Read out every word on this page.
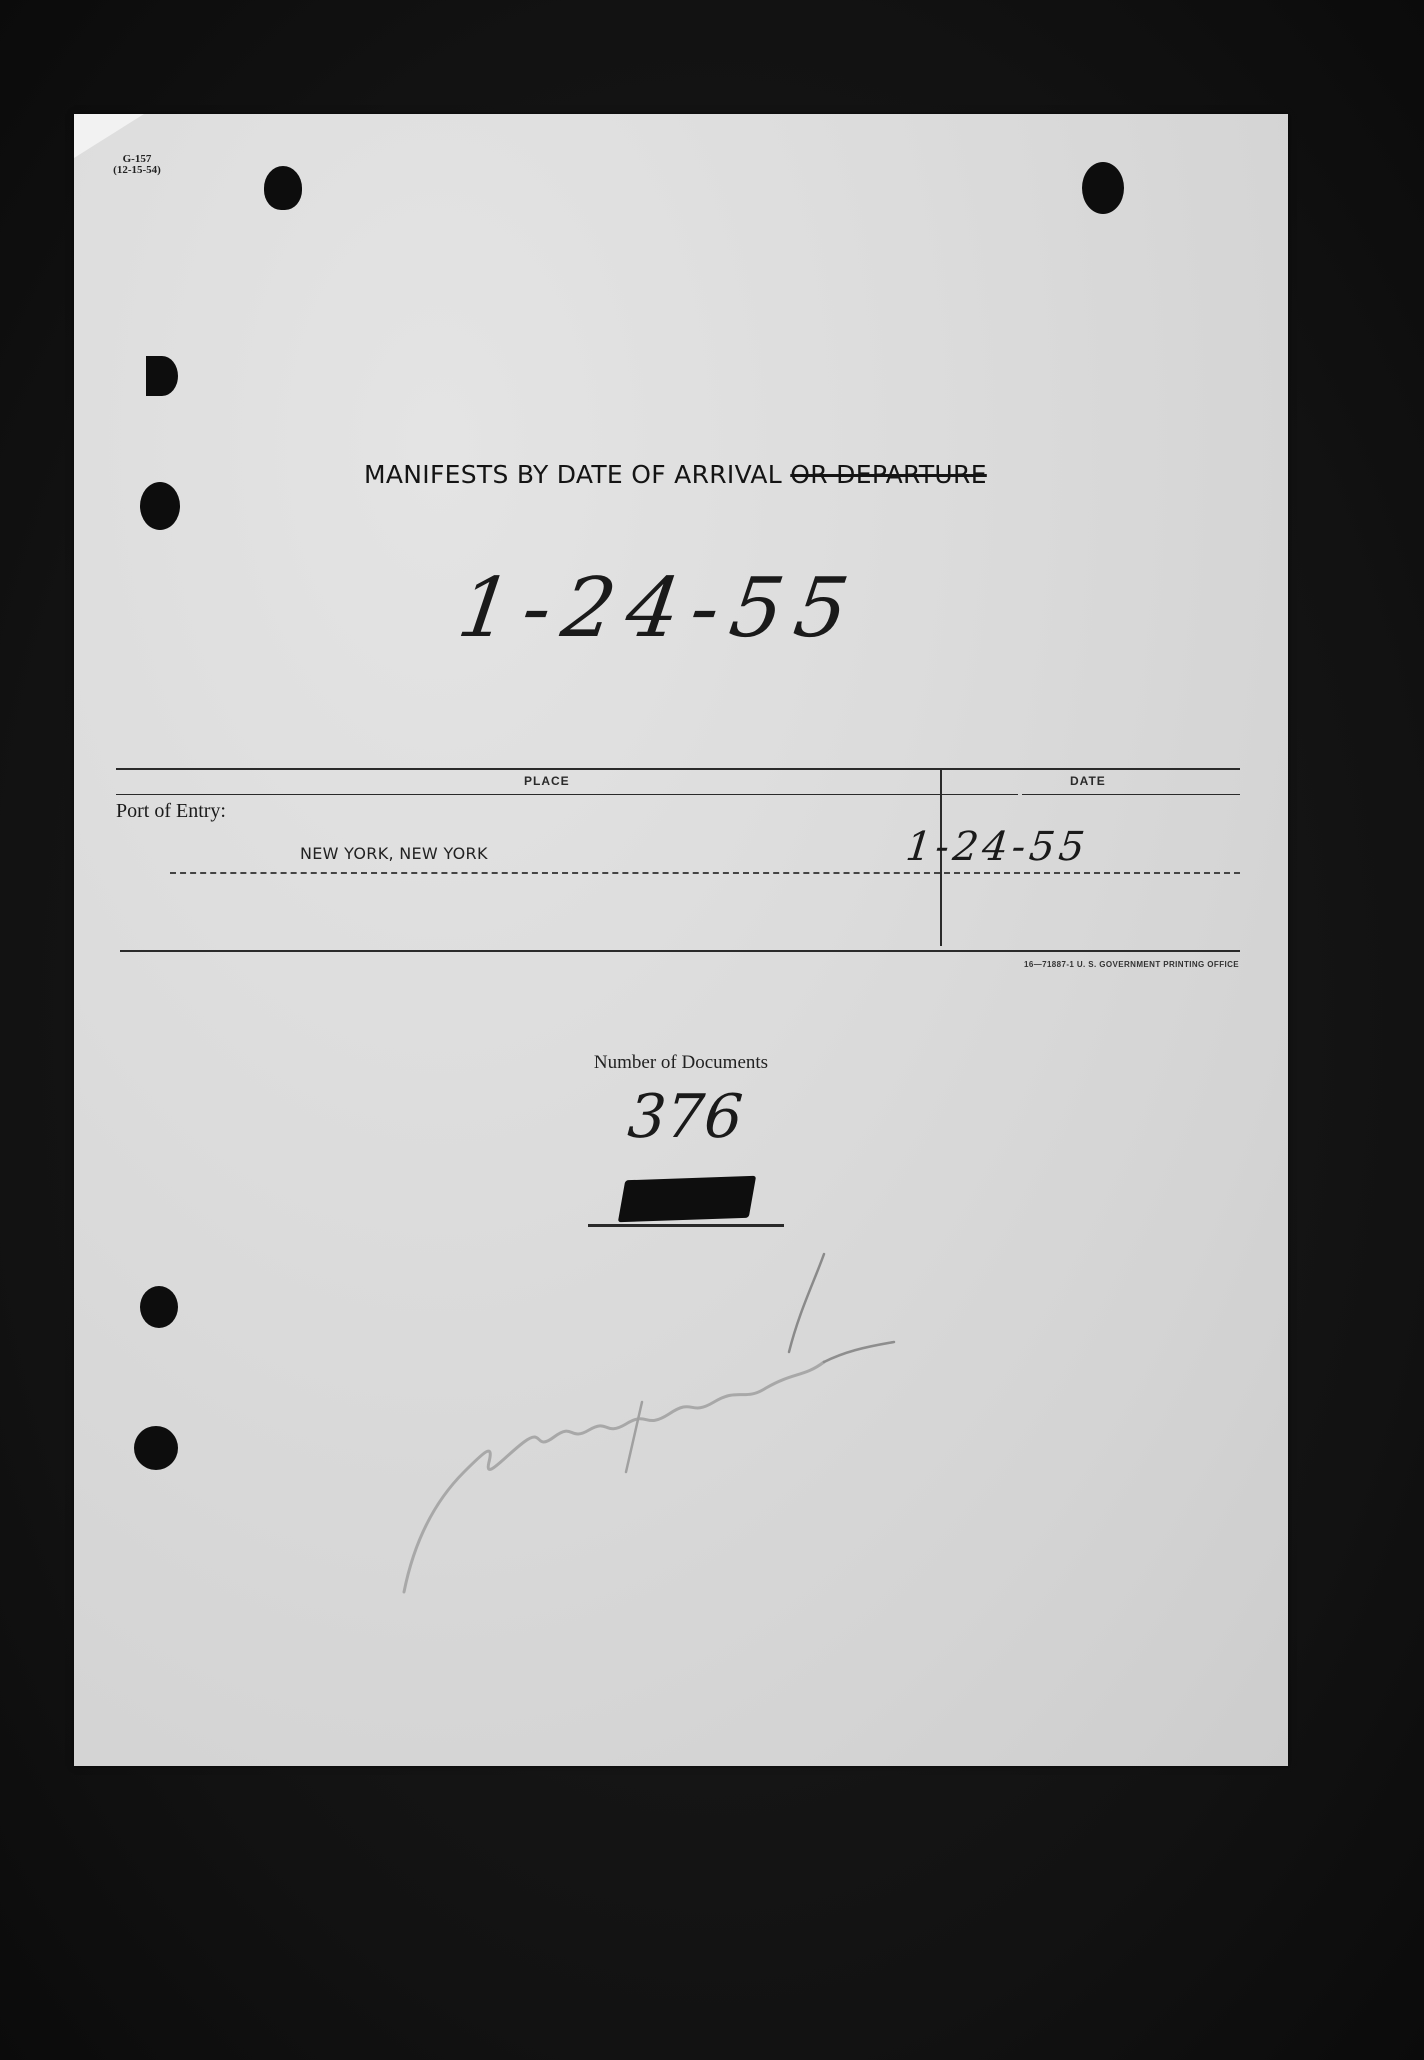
G-157
(12-15-54)
MANIFESTS BY DATE OF ARRIVAL OR DEPARTURE
1-24-55
PLACE	DATE
Port of Entry:
NEW YORK, NEW YORK	1-24-55
16—71887-1 U. S. GOVERNMENT PRINTING OFFICE
Number of Documents
376
